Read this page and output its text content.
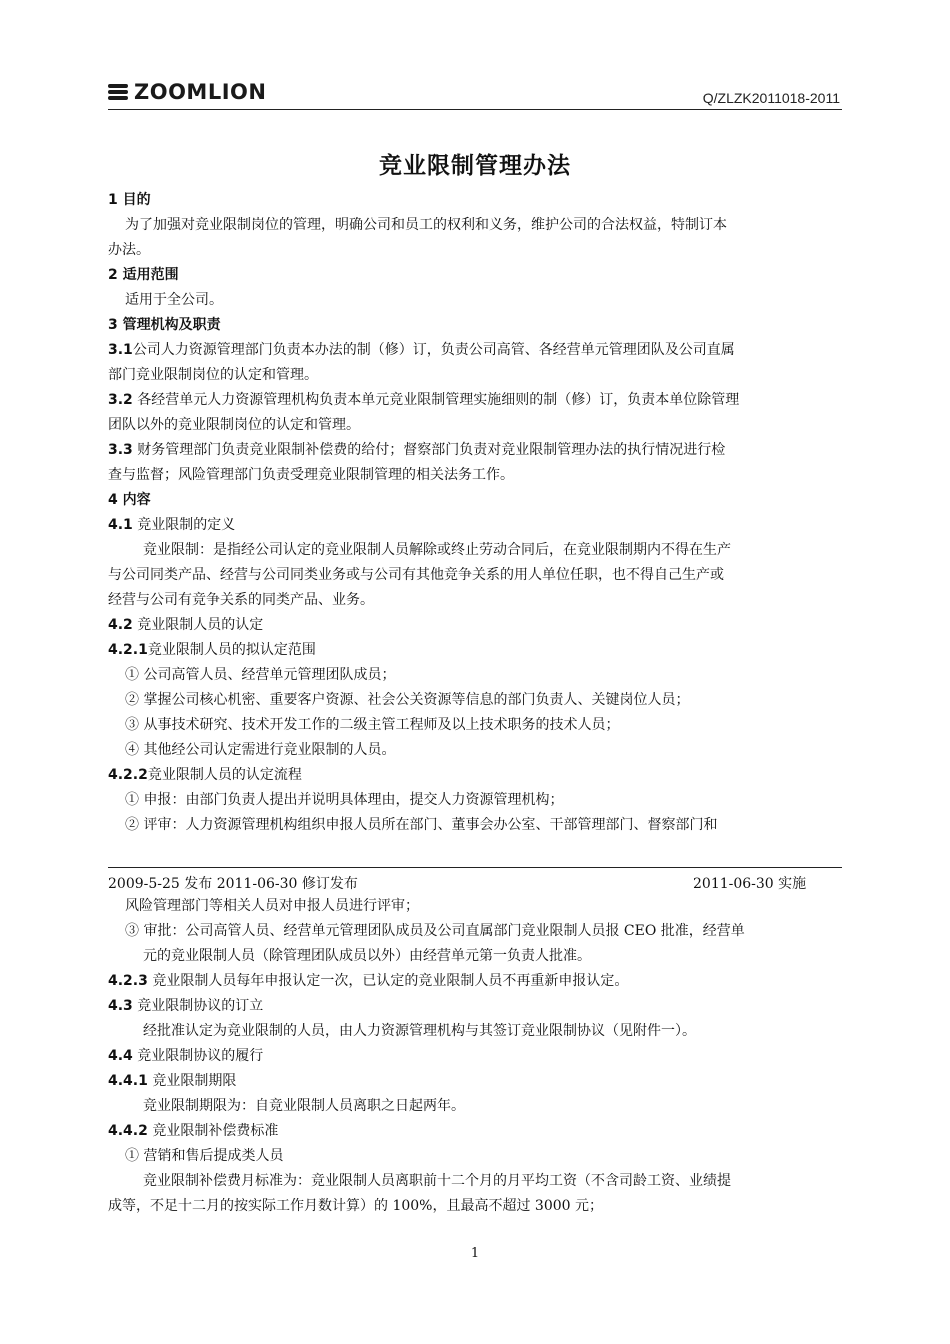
ZOOMLION	Q/ZLZK2011018-2011
竞业限制管理办法
1 目的
为了加强对竞业限制岗位的管理，明确公司和员工的权利和义务，维护公司的合法权益，特制订本
办法。
2 适用范围
适用于全公司。
3 管理机构及职责
3.1公司人力资源管理部门负责本办法的制（修）订，负责公司高管、各经营单元管理团队及公司直属
部门竞业限制岗位的认定和管理。
3.2 各经营单元人力资源管理机构负责本单元竞业限制管理实施细则的制（修）订，负责本单位除管理
团队以外的竞业限制岗位的认定和管理。
3.3 财务管理部门负责竞业限制补偿费的给付；督察部门负责对竞业限制管理办法的执行情况进行检
查与监督；风险管理部门负责受理竞业限制管理的相关法务工作。
4 内容
4.1 竞业限制的定义
竞业限制：是指经公司认定的竞业限制人员解除或终止劳动合同后，在竞业限制期内不得在生产
与公司同类产品、经营与公司同类业务或与公司有其他竞争关系的用人单位任职，也不得自己生产或
经营与公司有竞争关系的同类产品、业务。
4.2 竞业限制人员的认定
4.2.1竞业限制人员的拟认定范围
① 公司高管人员、经营单元管理团队成员；
② 掌握公司核心机密、重要客户资源、社会公关资源等信息的部门负责人、关键岗位人员；
③ 从事技术研究、技术开发工作的二级主管工程师及以上技术职务的技术人员；
④ 其他经公司认定需进行竞业限制的人员。
4.2.2竞业限制人员的认定流程
① 申报：由部门负责人提出并说明具体理由，提交人力资源管理机构；
② 评审：人力资源管理机构组织申报人员所在部门、董事会办公室、干部管理部门、督察部门和
2009-5-25 发布 2011-06-30 修订发布	2011-06-30 实施
风险管理部门等相关人员对申报人员进行评审；
③ 审批：公司高管人员、经营单元管理团队成员及公司直属部门竞业限制人员报 CEO 批准，经营单
元的竞业限制人员（除管理团队成员以外）由经营单元第一负责人批准。
4.2.3 竞业限制人员每年申报认定一次，已认定的竞业限制人员不再重新申报认定。
4.3 竞业限制协议的订立
经批准认定为竞业限制的人员，由人力资源管理机构与其签订竞业限制协议（见附件一）。
4.4 竞业限制协议的履行
4.4.1 竞业限制期限
竞业限制期限为：自竞业限制人员离职之日起两年。
4.4.2 竞业限制补偿费标准
① 营销和售后提成类人员
竞业限制补偿费月标准为：竞业限制人员离职前十二个月的月平均工资（不含司龄工资、业绩提
成等，不足十二月的按实际工作月数计算）的 100%，且最高不超过 3000 元；
1
